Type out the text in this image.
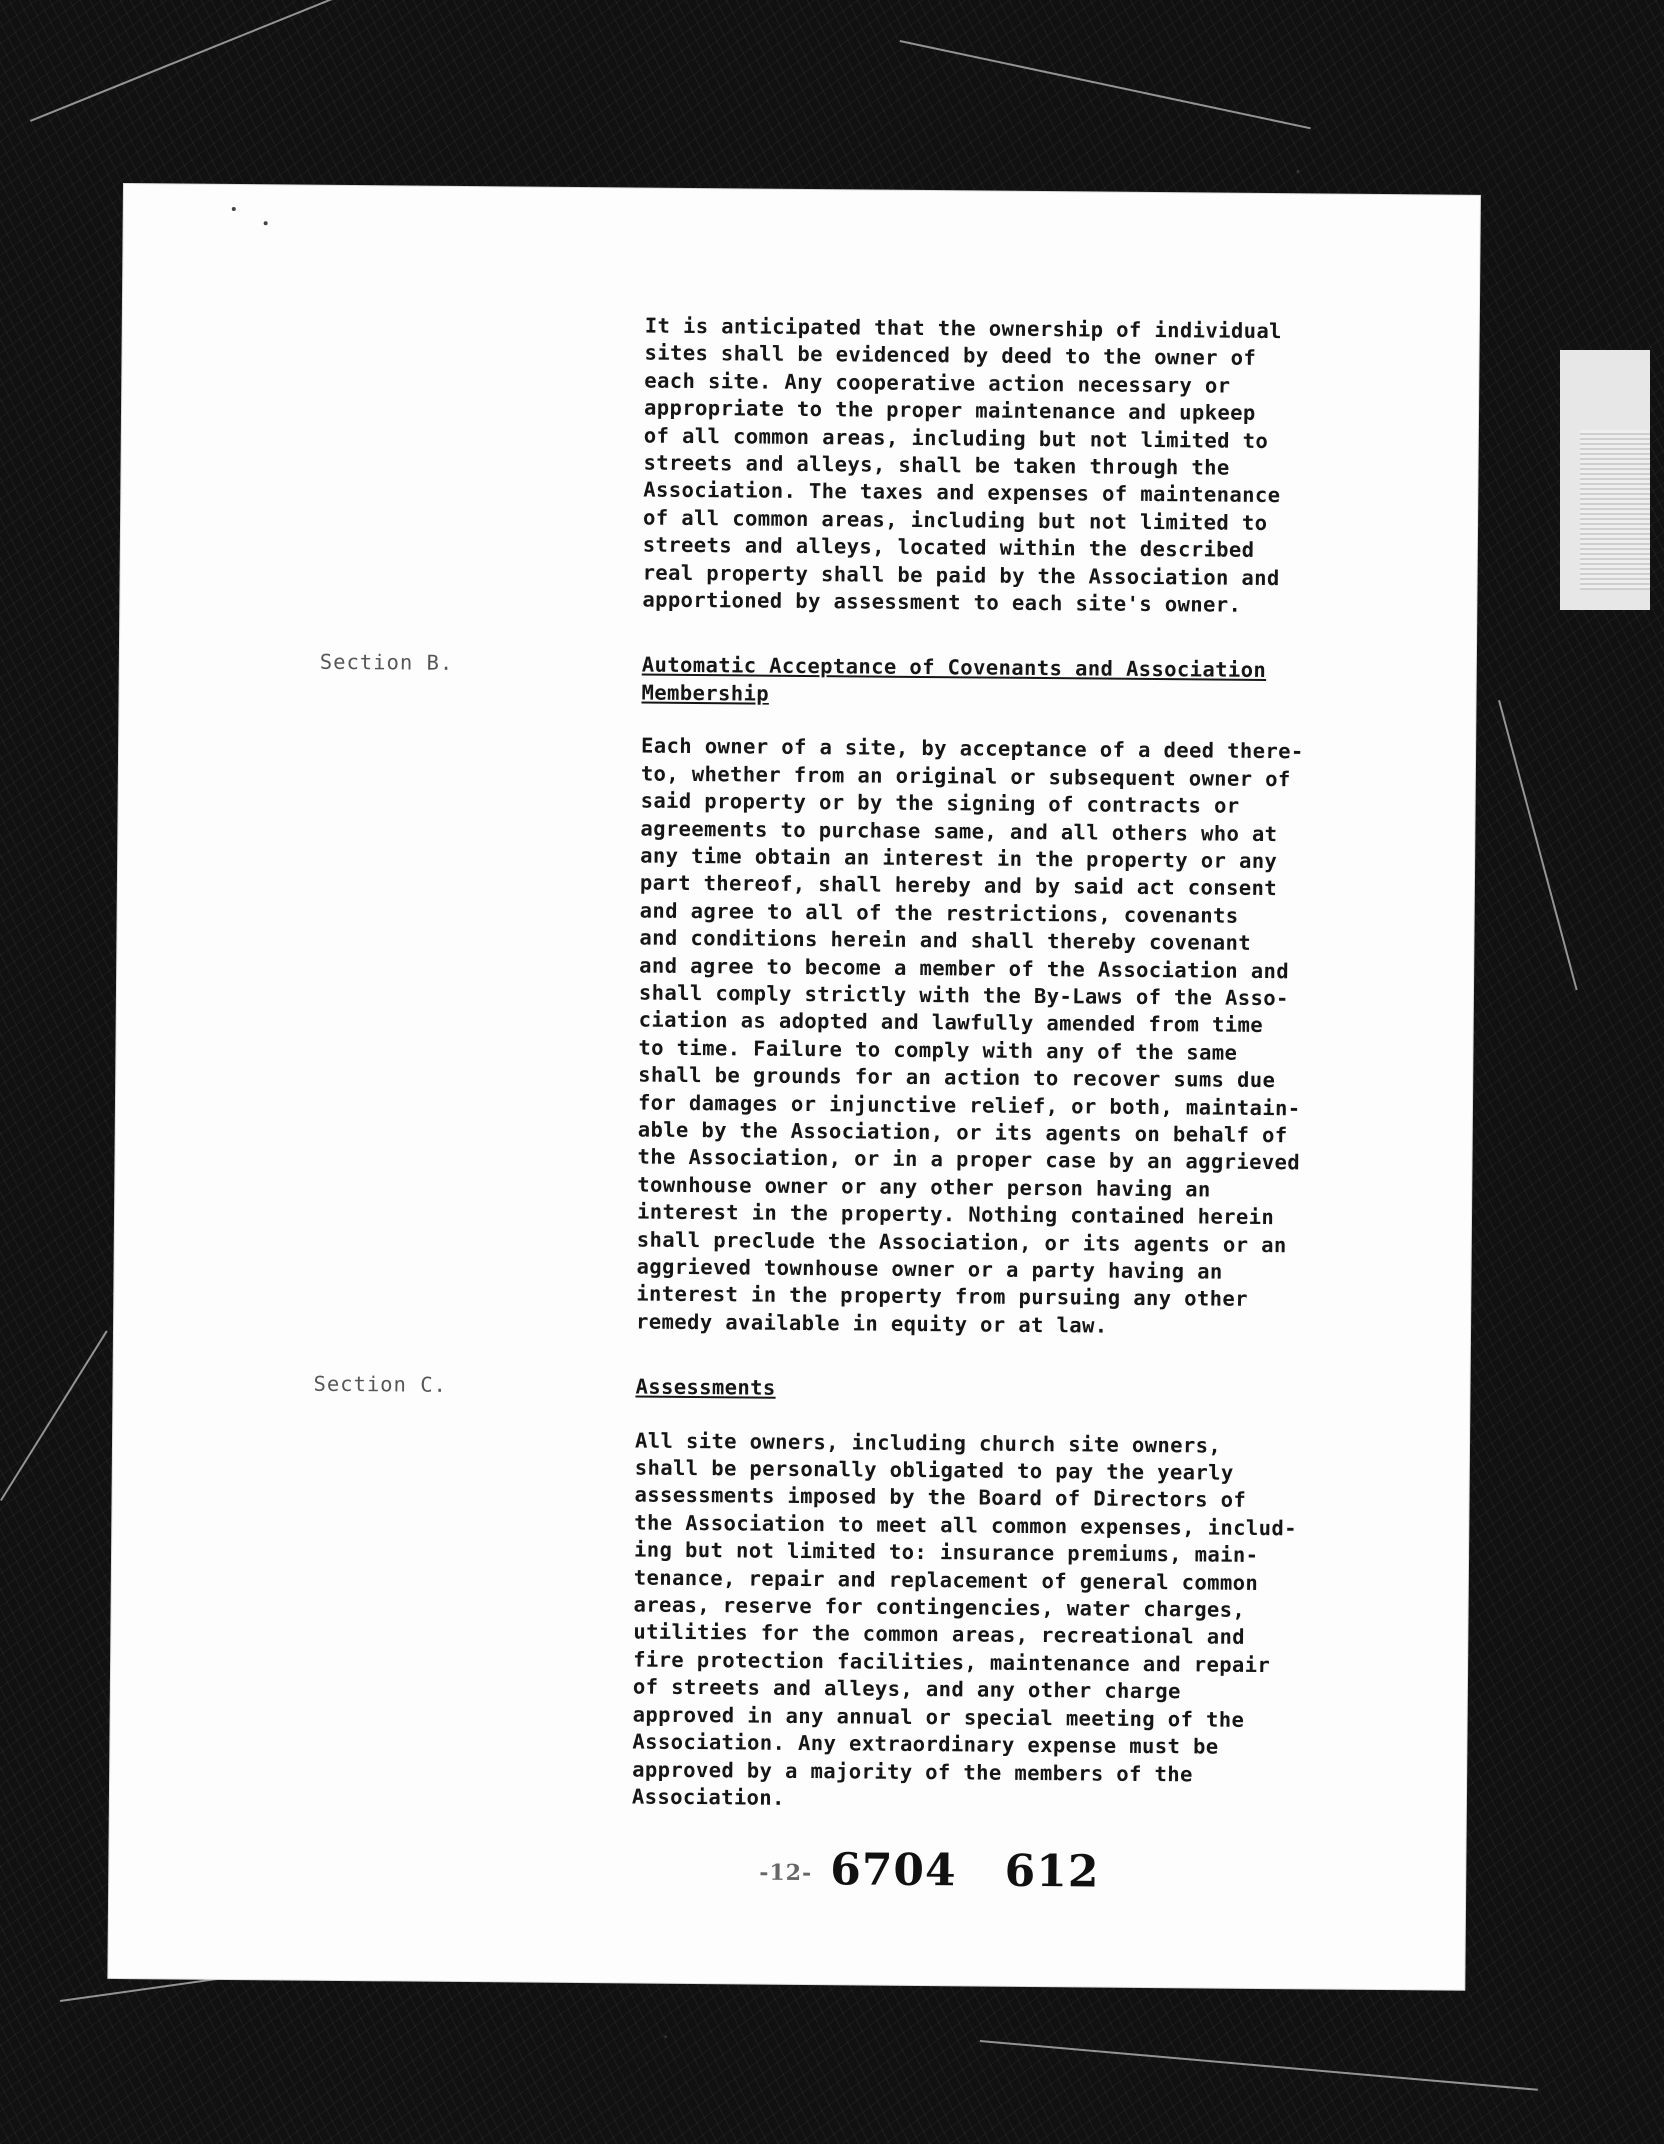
It is anticipated that the ownership of individual
sites shall be evidenced by deed to the owner of
each site. Any cooperative action necessary or
appropriate to the proper maintenance and upkeep
of all common areas, including but not limited to
streets and alleys, shall be taken through the
Association. The taxes and expenses of maintenance
of all common areas, including but not limited to
streets and alleys, located within the described
real property shall be paid by the Association and
apportioned by assessment to each site's owner.

Section B.	Automatic Acceptance of Covenants and Association
Membership

Each owner of a site, by acceptance of a deed there-
to, whether from an original or subsequent owner of
said property or by the signing of contracts or
agreements to purchase same, and all others who at
any time obtain an interest in the property or any
part thereof, shall hereby and by said act consent
and agree to all of the restrictions, covenants
and conditions herein and shall thereby covenant
and agree to become a member of the Association and
shall comply strictly with the By-Laws of the Asso-
ciation as adopted and lawfully amended from time
to time. Failure to comply with any of the same
shall be grounds for an action to recover sums due
for damages or injunctive relief, or both, maintain-
able by the Association, or its agents on behalf of
the Association, or in a proper case by an aggrieved
townhouse owner or any other person having an
interest in the property. Nothing contained herein
shall preclude the Association, or its agents or an
aggrieved townhouse owner or a party having an
interest in the property from pursuing any other
remedy available in equity or at law.

Section C.	Assessments

All site owners, including church site owners,
shall be personally obligated to pay the yearly
assessments imposed by the Board of Directors of
the Association to meet all common expenses, includ-
ing but not limited to: insurance premiums, main-
tenance, repair and replacement of general common
areas, reserve for contingencies, water charges,
utilities for the common areas, recreational and
fire protection facilities, maintenance and repair
of streets and alleys, and any other charge
approved in any annual or special meeting of the
Association. Any extraordinary expense must be
approved by a majority of the members of the
Association.

-12- 6704 612
